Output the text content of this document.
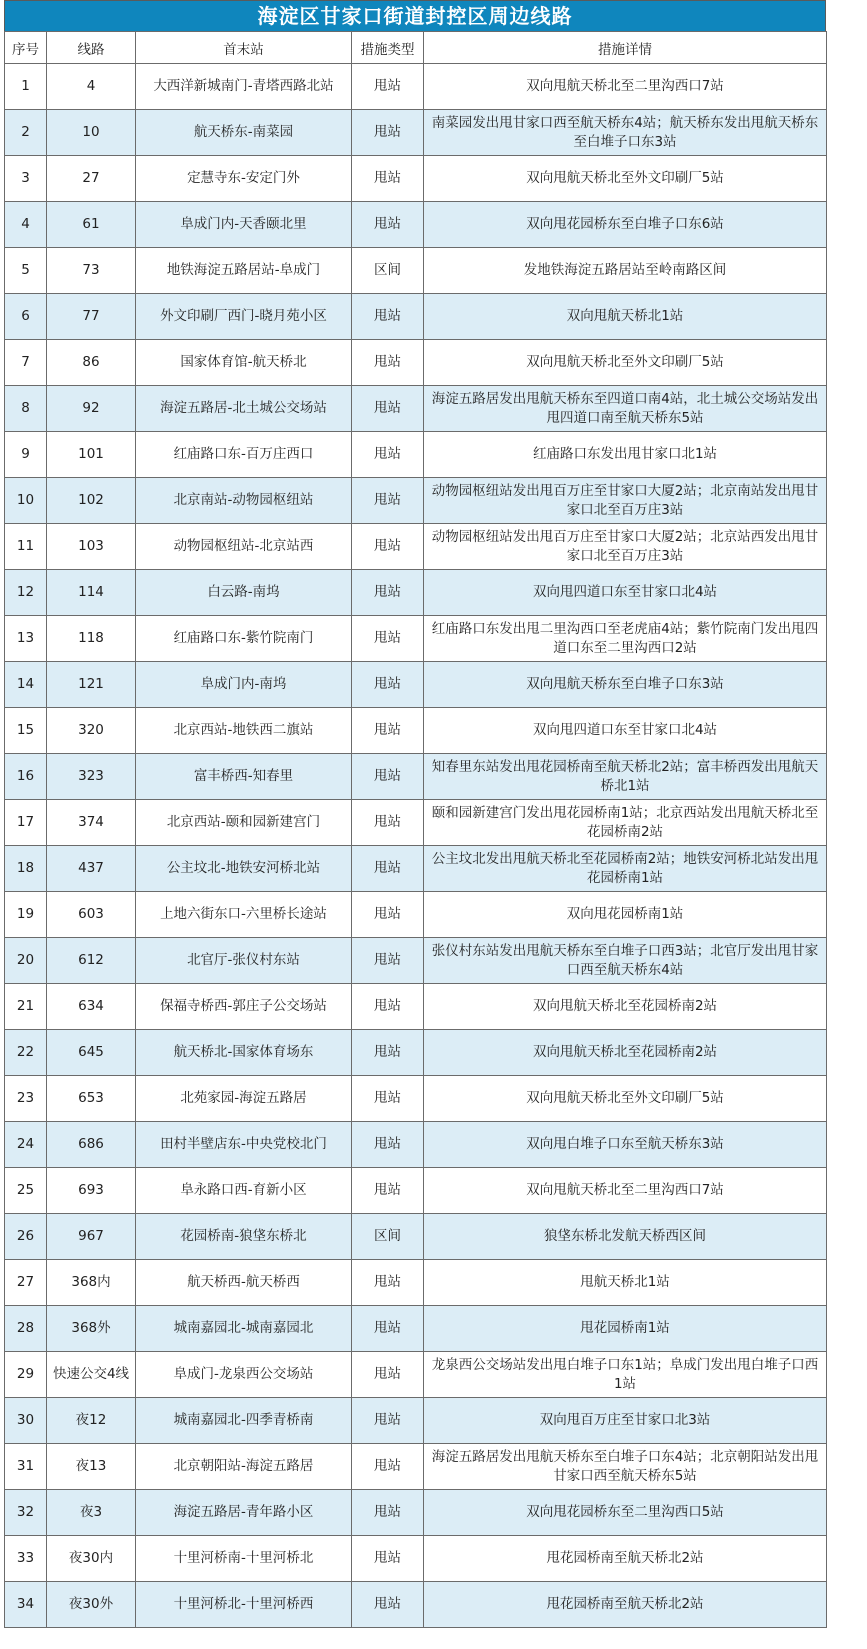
海淀区甘家口街道封控区周边线路
序号	线路	首末站	措施类型	措施详情
1	4	大西洋新城南门-青塔西路北站	甩站	双向甩航天桥北至二里沟西口7站
2	10	航天桥东-南菜园	甩站	南菜园发出甩甘家口西至航天桥东4站；航天桥东发出甩航天桥东至白堆子口东3站
3	27	定慧寺东-安定门外	甩站	双向甩航天桥北至外文印刷厂5站
4	61	阜成门内-天香颐北里	甩站	双向甩花园桥东至白堆子口东6站
5	73	地铁海淀五路居站-阜成门	区间	发地铁海淀五路居站至岭南路区间
6	77	外文印刷厂西门-晓月苑小区	甩站	双向甩航天桥北1站
7	86	国家体育馆-航天桥北	甩站	双向甩航天桥北至外文印刷厂5站
8	92	海淀五路居-北土城公交场站	甩站	海淀五路居发出甩航天桥东至四道口南4站，北土城公交场站发出甩四道口南至航天桥东5站
9	101	红庙路口东-百万庄西口	甩站	红庙路口东发出甩甘家口北1站
10	102	北京南站-动物园枢纽站	甩站	动物园枢纽站发出甩百万庄至甘家口大厦2站；北京南站发出甩甘家口北至百万庄3站
11	103	动物园枢纽站-北京站西	甩站	动物园枢纽站发出甩百万庄至甘家口大厦2站；北京站西发出甩甘家口北至百万庄3站
12	114	白云路-南坞	甩站	双向甩四道口东至甘家口北4站
13	118	红庙路口东-紫竹院南门	甩站	红庙路口东发出甩二里沟西口至老虎庙4站；紫竹院南门发出甩四道口东至二里沟西口2站
14	121	阜成门内-南坞	甩站	双向甩航天桥东至白堆子口东3站
15	320	北京西站-地铁西二旗站	甩站	双向甩四道口东至甘家口北4站
16	323	富丰桥西-知春里	甩站	知春里东站发出甩花园桥南至航天桥北2站；富丰桥西发出甩航天桥北1站
17	374	北京西站-颐和园新建宫门	甩站	颐和园新建宫门发出甩花园桥南1站；北京西站发出甩航天桥北至花园桥南2站
18	437	公主坟北-地铁安河桥北站	甩站	公主坟北发出甩航天桥北至花园桥南2站；地铁安河桥北站发出甩花园桥南1站
19	603	上地六街东口-六里桥长途站	甩站	双向甩花园桥南1站
20	612	北官厅-张仪村东站	甩站	张仪村东站发出甩航天桥东至白堆子口西3站；北官厅发出甩甘家口西至航天桥东4站
21	634	保福寺桥西-郭庄子公交场站	甩站	双向甩航天桥北至花园桥南2站
22	645	航天桥北-国家体育场东	甩站	双向甩航天桥北至花园桥南2站
23	653	北苑家园-海淀五路居	甩站	双向甩航天桥北至外文印刷厂5站
24	686	田村半壁店东-中央党校北门	甩站	双向甩白堆子口东至航天桥东3站
25	693	阜永路口西-育新小区	甩站	双向甩航天桥北至二里沟西口7站
26	967	花园桥南-狼垡东桥北	区间	狼垡东桥北发航天桥西区间
27	368内	航天桥西-航天桥西	甩站	甩航天桥北1站
28	368外	城南嘉园北-城南嘉园北	甩站	甩花园桥南1站
29	快速公交4线	阜成门-龙泉西公交场站	甩站	龙泉西公交场站发出甩白堆子口东1站；阜成门发出甩白堆子口西1站
30	夜12	城南嘉园北-四季青桥南	甩站	双向甩百万庄至甘家口北3站
31	夜13	北京朝阳站-海淀五路居	甩站	海淀五路居发出甩航天桥东至白堆子口东4站；北京朝阳站发出甩甘家口西至航天桥东5站
32	夜3	海淀五路居-青年路小区	甩站	双向甩花园桥东至二里沟西口5站
33	夜30内	十里河桥南-十里河桥北	甩站	甩花园桥南至航天桥北2站
34	夜30外	十里河桥北-十里河桥西	甩站	甩花园桥南至航天桥北2站
